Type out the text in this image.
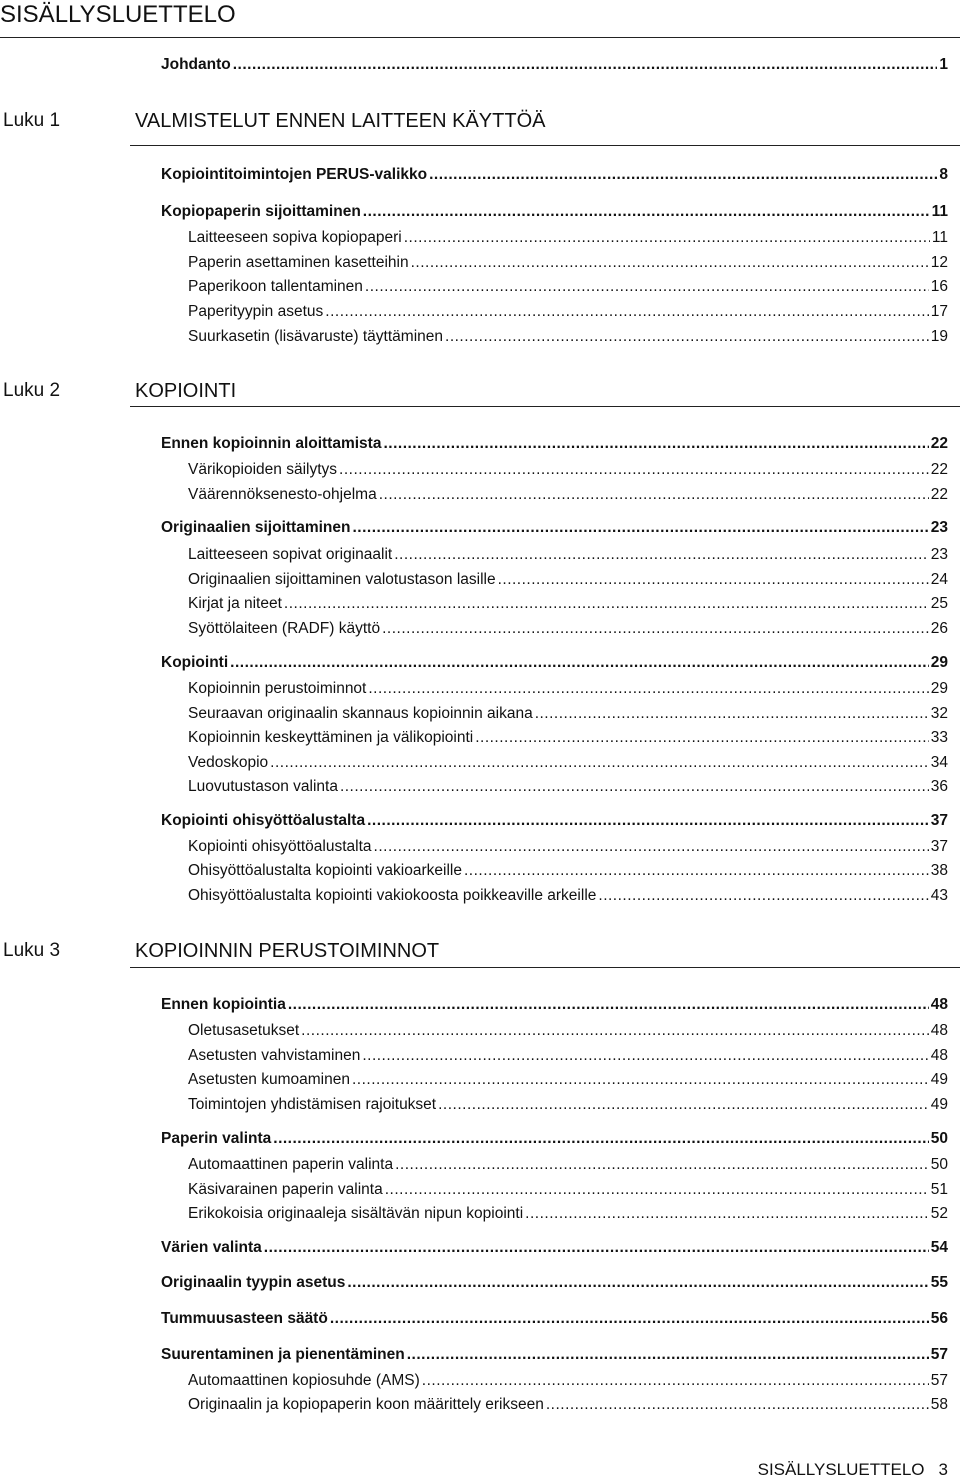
SISÄLLYSLUETTELO
Johdanto .....	1
Luku 1	VALMISTELUT ENNEN LAITTEEN KÄYTTÖÄ
Kopiointitoimintojen PERUS-valikko .....	8
Kopiopaperin sijoittaminen .....	11
Laitteeseen sopiva kopiopaperi .....	11
Paperin asettaminen kasetteihin .....	12
Paperikoon tallentaminen .....	16
Paperityypin asetus .....	17
Suurkasetin (lisävaruste) täyttäminen .....	19
Luku 2	KOPIOINTI
Ennen kopioinnin aloittamista .....	22
Värikopioiden säilytys .....	22
Väärennöksenesto-ohjelma .....	22
Originaalien sijoittaminen .....	23
Laitteeseen sopivat originaalit .....	23
Originaalien sijoittaminen valotustason lasille .....	24
Kirjat ja niteet .....	25
Syöttölaiteen (RADF) käyttö .....	26
Kopiointi .....	29
Kopioinnin perustoiminnot .....	29
Seuraavan originaalin skannaus kopioinnin aikana .....	32
Kopioinnin keskeyttäminen ja välikopiointi .....	33
Vedoskopio .....	34
Luovutustason valinta .....	36
Kopiointi ohisyöttöalustalta .....	37
Kopiointi ohisyöttöalustalta .....	37
Ohisyöttöalustalta kopiointi vakioarkeille .....	38
Ohisyöttöalustalta kopiointi vakiokoosta poikkeaville arkeille .....	43
Luku 3	KOPIOINNIN PERUSTOIMINNOT
Ennen kopiointia .....	48
Oletusasetukset .....	48
Asetusten vahvistaminen .....	48
Asetusten kumoaminen .....	49
Toimintojen yhdistämisen rajoitukset .....	49
Paperin valinta .....	50
Automaattinen paperin valinta .....	50
Käsivarainen paperin valinta .....	51
Erikokoisia originaaleja sisältävän nipun kopiointi .....	52
Värien valinta .....	54
Originaalin tyypin asetus .....	55
Tummuusasteen säätö .....	56
Suurentaminen ja pienentäminen .....	57
Automaattinen kopiosuhde (AMS) .....	57
Originaalin ja kopiopaperin koon määrittely erikseen .....	58
SISÄLLYSLUETTELO 3
